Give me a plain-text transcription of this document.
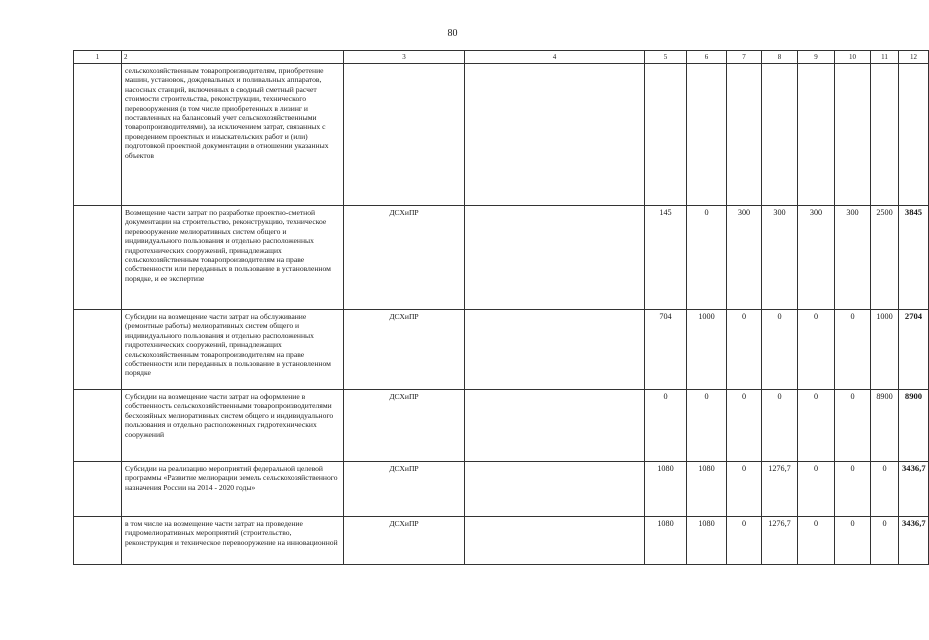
80
1	2	3	4	5	6	7	8	9	10	11	12
	сельскохозяйственным товаропроизводителям, приобретение машин, установок, дождевальных и поливальных аппаратов, насосных станций, включенных в сводный сметный расчет стоимости строительства, реконструкции, технического перевооружения (в том числе приобретенных в лизинг и поставленных на балансовый учет сельскохозяйственными товаропроизводителями), за исключением затрат, связанных с проведением проектных и изыскательских работ и (или) подготовкой проектной документации в отношении указанных объектов										
	Возмещение части затрат по разработке проектно-сметной документации на строительство, реконструкцию, техническое перевооружение мелиоративных систем общего и индивидуального пользования и отдельно расположенных гидротехнических сооружений, принадлежащих сельскохозяйственным товаропроизводителям на праве собственности или переданных в пользование в установленном порядке, и ее экспертизе	ДСХиПР		145	0	300	300	300	300	2500	3845
	Субсидии на возмещение части затрат на обслуживание (ремонтные работы) мелиоративных систем общего и индивидуального пользования и отдельно расположенных гидротехнических сооружений, принадлежащих сельскохозяйственным товаропроизводителям на праве собственности или переданных в пользование в установленном порядке	ДСХиПР		704	1000	0	0	0	0	1000	2704
	Субсидии на возмещение части затрат на оформление в собственность сельскохозяйственными товаропроизводителями бесхозяйных мелиоративных систем общего и индивидуального пользования и отдельно расположенных гидротехнических сооружений	ДСХиПР		0	0	0	0	0	0	8900	8900
	Субсидии на реализацию мероприятий федеральной целевой программы «Развитие мелиорации земель сельскохозяйственного назначения России на 2014 - 2020 годы»	ДСХиПР		1080	1080	0	1276,7	0	0	0	3436,7
	в том числе на возмещение части затрат на проведение гидромелиоративных мероприятий (строительство, реконструкция и техническое перевооружение на инновационной	ДСХиПР		1080	1080	0	1276,7	0	0	0	3436,7
